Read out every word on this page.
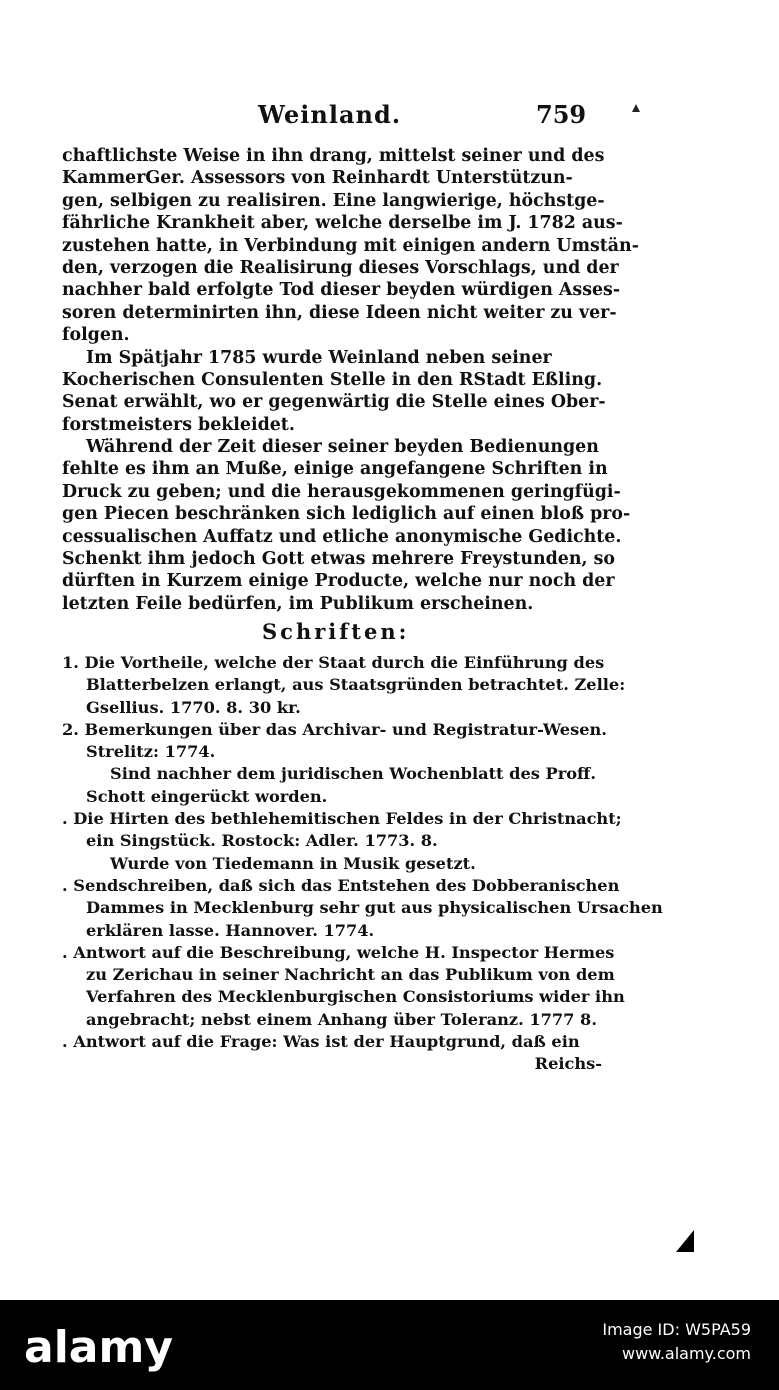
Weinland.	759
chaftlichste Weise in ihn drang, mittelst seiner und des
KammerGer. Assessors von Reinhardt Unterstützun-
gen, selbigen zu realisiren. Eine langwierige, höchstge-
fährliche Krankheit aber, welche derselbe im J. 1782 aus-
zustehen hatte, in Verbindung mit einigen andern Umstän-
den, verzogen die Realisirung dieses Vorschlags, und der
nachher bald erfolgte Tod dieser beyden würdigen Asses-
soren determinirten ihn, diese Ideen nicht weiter zu ver-
folgen.
Im Spätjahr 1785 wurde Weinland neben seiner
Kocherischen Consulenten Stelle in den RStadt Eßling.
Senat erwählt, wo er gegenwärtig die Stelle eines Ober-
forstmeisters bekleidet.
Während der Zeit dieser seiner beyden Bedienungen
fehlte es ihm an Muße, einige angefangene Schriften in
Druck zu geben; und die herausgekommenen geringfügi-
gen Piecen beschränken sich lediglich auf einen bloß pro-
cessualischen Auffatz und etliche anonymische Gedichte.
Schenkt ihm jedoch Gott etwas mehrere Freystunden, so
dürften in Kurzem einige Producte, welche nur noch der
letzten Feile bedürfen, im Publikum erscheinen.
Schriften:
1. Die Vortheile, welche der Staat durch die Einführung des
Blatterbelzen erlangt, aus Staatsgründen betrachtet. Zelle:
Gsellius. 1770. 8. 30 kr.
2. Bemerkungen über das Archivar- und Registratur-Wesen.
Strelitz: 1774.
Sind nachher dem juridischen Wochenblatt des Proff.
Schott eingerückt worden.
. Die Hirten des bethlehemitischen Feldes in der Christnacht;
ein Singstück. Rostock: Adler. 1773. 8.
Wurde von Tiedemann in Musik gesetzt.
. Sendschreiben, daß sich das Entstehen des Dobberanischen
Dammes in Mecklenburg sehr gut aus physicalischen Ursachen
erklären lasse. Hannover. 1774.
. Antwort auf die Beschreibung, welche H. Inspector Hermes
zu Zerichau in seiner Nachricht an das Publikum von dem
Verfahren des Mecklenburgischen Consistoriums wider ihn
angebracht; nebst einem Anhang über Toleranz. 1777 8.
. Antwort auf die Frage: Was ist der Hauptgrund, daß ein
Reichs-
alamy	Image ID: W5PA59
www.alamy.com
